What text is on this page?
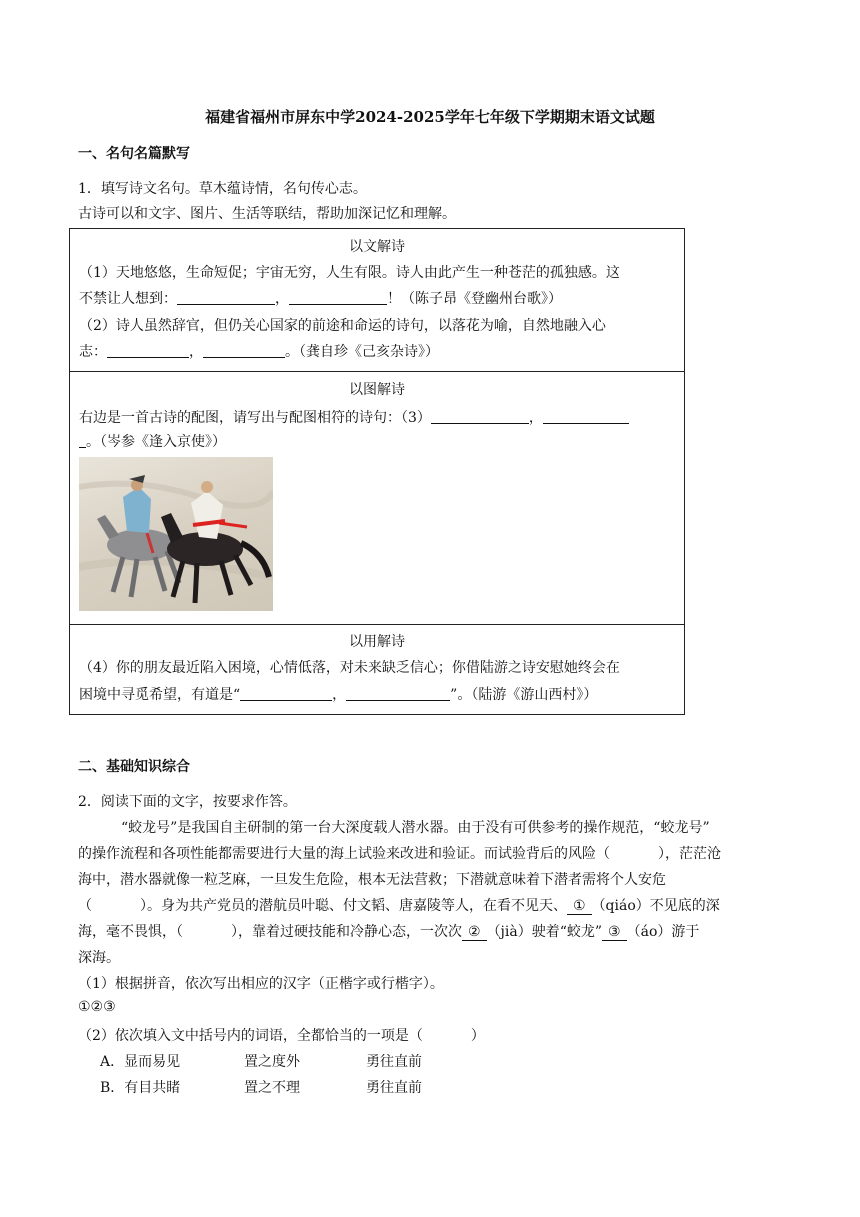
福建省福州市屏东中学2024-2025学年七年级下学期期末语文试题
一、名句名篇默写
1．填写诗文名句。草木蕴诗情，名句传心志。
古诗可以和文字、图片、生活等联结，帮助加深记忆和理解。
以文解诗
（1）天地悠悠，生命短促；宇宙无穷，人生有限。诗人由此产生一种苍茫的孤独感。这
不禁让人想到：	，	！（陈子昂《登幽州台歌》）
（2）诗人虽然辞官，但仍关心国家的前途和命运的诗句，以落花为喻，自然地融入心
志：	，	。（龚自珍《己亥杂诗》）
以图解诗
右边是一首古诗的配图，请写出与配图相符的诗句：（3）	，
。（岑参《逢入京使》）
以用解诗
（4）你的朋友最近陷入困境，心情低落，对未来缺乏信心；你借陆游之诗安慰她终会在
困境中寻觅希望，有道是“	，	”。（陆游《游山西村》）
二、基础知识综合
2．阅读下面的文字，按要求作答。
“蛟龙号”是我国自主研制的第一台大深度载人潜水器。由于没有可供参考的操作规范，“蛟龙号”
的操作流程和各项性能都需要进行大量的海上试验来改进和验证。而试验背后的风险（	），茫茫沧
海中，潜水器就像一粒芝麻，一旦发生危险，根本无法营救；下潜就意味着下潜者需将个人安危
（	）。身为共产党员的潜航员叶聪、付文韬、唐嘉陵等人，在看不见天、 ① （qiáo）不见底的深
海，毫不畏惧，（	），靠着过硬技能和冷静心态，一次次 ② （jià）驶着“蛟龙” ③ （áo）游于
深海。
（1）根据拼音，依次写出相应的汉字（正楷字或行楷字）。
①②③
（2）依次填入文中括号内的词语，全都恰当的一项是（	）
A．显而易见	置之度外	勇往直前
B．有目共睹	置之不理	勇往直前
